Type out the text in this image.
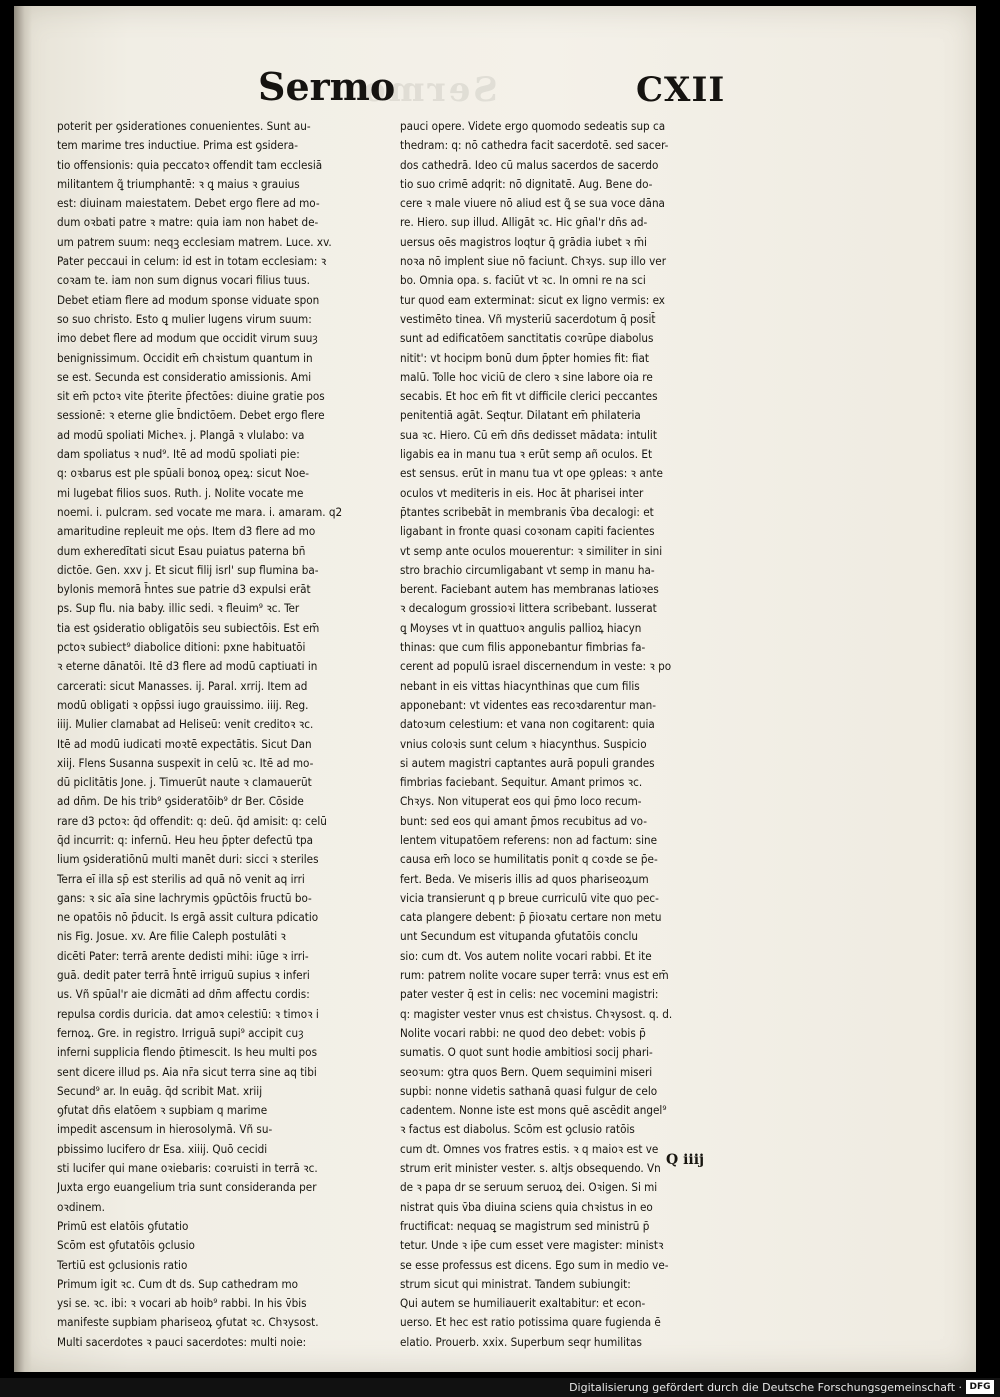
Sermo
Sermo	CXII
poterit per ꝯsiderationes conuenientes. Sunt au-
tem marime tres inductiue. Prima est ꝯsidera-
tio offensionis: quia peccatoꝛ offendit tam ecclesiā
militantem ꝗ̃ triumphantē: ꝛ ꝗ maius ꝛ grauius
est: diuinam maiestatem. Debet ergo flere ad mo-
dum oꝛbati patre ꝛ matre: quia iam non habet de-
um patrem suum: neqꝫ ecclesiam matrem. Luce. xv.
Pater peccaui in celum: id est in totam ecclesiam: ꝛ
coꝛam te. iam non sum dignus vocari filius tuus.
Debet etiam flere ad modum sponse viduate spon
so suo christo. Esto ꝗ mulier lugens virum suum:
imo debet flere ad modum que occidit virum suuȝ
benignissimum. Occidit em̄ chꝛistum quantum in
se est. Secunda est consideratio amissionis. Ami
sit em̄ pctoꝛ vite p̄terite p̄fectōes: diuine gratie pos
sessionē: ꝛ eterne glie b̄ndictōem. Debet ergo flere
ad modū spoliati Micheꝛ. j. Plangā ꝛ vlulabo: va
dam spoliatus ꝛ nud⁹. Itē ad modū spoliati pie:
q: oꝛbarus est ple spūali bonoꝝ opeꝝ: sicut Noe-
mi lugebat filios suos. Ruth. j. Nolite vocate me
noemi. i. pulcram. sed vocate me mara. i. amaram. q2
amaritudine repleuit me oṗs. Item d3 flere ad mo
dum exheredītati sicut Esau puiatus paterna bn̄
dictōe. Gen. xxv j. Et sicut filij isrl' sup flumina ba-
bylonis memorā h̄ntes sue patrie d3 expulsi erāt
ps. Sup flu. nia baby. illic sedi. ꝛ fleuim⁹ ꝛc. Ter
tia est ꝯsideratio obligatōis seu subiectōis. Est em̄
pctoꝛ subiect⁹ diabolice ditioni: pxne habituatōi
ꝛ eterne dānatōi. Itē d3 flere ad modū captiuati in
carcerati: sicut Manasses. ij. Paral. xrrij. Item ad
modū obligati ꝛ opp̄ssi iugo grauissimo. iiij. Reg.
iiij. Mulier clamabat ad Heliseū: venit creditoꝛ ꝛc.
Itē ad modū iudicati moꝛtē expectātis. Sicut Dan
xiij. Flens Susanna suspexit in celū ꝛc. Itē ad mo-
dū piclitātis Jone. j. Timuerūt naute ꝛ clamauerūt
ad dn̄m. De his trib⁹ ꝯsideratōib⁹ dr Ber. Cōside
rare d3 pctoꝛ: q̄d offendit: q: deū. q̄d amisit: q: celū
q̄d incurrit: q: infernū. Heu heu p̄pter defectū tpa
lium ꝯsideratiōnū multi manēt duri: sicci ꝛ steriles
Terra eī illa sp̄ est sterilis ad quā nō venit aq irri
gans: ꝛ sic aīa sine lachrymis ꝯpūctōis fructū bo-
ne opatōis nō p̄ducit. Is ergā assit cultura pdicatio
nis Fig. Josue. xv. Are filie Caleph postulāti ꝛ
dicēti Pater: terrā arente dedisti mihi: iūge ꝛ irri-
guā. dedit pater terrā h̄ntē irriguū supius ꝛ inferi
us. Vñ spūal'r aie dicmāti ad dn̄m affectu cordis:
repulsa cordis duricia. dat amoꝛ celestiū: ꝛ timoꝛ i
fernoꝝ. Gre. in registro. Irriguā supi⁹ accipit cuȝ
inferni supplicia flendo p̄timescit. Is heu multi pos
sent dicere illud ps. Aia nr̄a sicut terra sine aq tibi
Secund⁹ ar. In euāg. q̄d scribit Mat. xriij
ꝯfutat dn̄s elatōem ꝛ supbiam q marime
impedit ascensum in hierosolymā. Vñ su-
pbissimo lucifero dr Esa. xiiij. Quō cecidi
sti lucifer qui mane oꝛiebaris: coꝛruisti in terrā ꝛc.
Juxta ergo euangelium tria sunt consideranda per
oꝛdinem.
Primū est elatōis ꝯfutatio
Scōm est ꝯfutatōis ꝯclusio
Tertiū est ꝯclusionis ratio
Primum igit ꝛc. Cum dt ds. Sup cathedram mo
ysi se. ꝛc. ibi: ꝛ vocari ab hoib⁹ rabbi. In his v̄bis
manifeste supbiam phariseoꝝ ꝯfutat ꝛc. Chꝛysost.
Multi sacerdotes ꝛ pauci sacerdotes: multi noie:
pauci opere. Videte ergo quomodo sedeatis sup ca
thedram: q: nō cathedra facit sacerdotē. sed sacer-
dos cathedrā. Ideo cū malus sacerdos de sacerdo
tio suo crimē adqrit: nō dignitatē. Aug. Bene do-
cere ꝛ male viuere nō aliud est ꝗ̃ se sua voce dāna
re. Hiero. sup illud. Alligāt ꝛc. Hic gn̄al'r dn̄s ad-
uersus oēs magistros loqtur q̄ grādia iubet ꝛ m̄i
noꝛa nō implent siue nō faciunt. Chꝛys. sup illo ver
bo. Omnia opa. s. faciūt vt ꝛc. In omni re na sci
tur quod eam exterminat: sicut ex ligno vermis: ex
vestimēto tinea. Vñ mysteriū sacerdotum q̄ posit̄
sunt ad edificatōem sanctitatis coꝛrūpe diabolus
nitit': vt hocipm bonū dum p̄pter homies fit: fiat
malū. Tolle hoc viciū de clero ꝛ sine labore oia re
secabis. Et hoc em̄ fit vt difficile clerici peccantes
penitentiā agāt. Seqtur. Dilatant em̄ philateria
sua ꝛc. Hiero. Cū em̄ dn̄s dedisset mādata: intulit
ligabis ea in manu tua ꝛ erūt semp añ oculos. Et
est sensus. erūt in manu tua vt ope ꝯpleas: ꝛ ante
oculos vt mediteris in eis. Hoc āt pharisei inter
p̄tantes scribebāt in membranis v̄ba decalogi: et
ligabant in fronte quasi coꝛonam capiti facientes
vt semp ante oculos mouerentur: ꝛ similiter in sini
stro brachio circumligabant vt semp in manu ha-
berent. Faciebant autem has membranas latioꝛes
ꝛ decalogum grossioꝛi littera scribebant. Iusserat
ꝗ Moyses vt in quattuoꝛ angulis pallioꝝ hiacyn
thinas: que cum filis apponebantur fimbrias fa-
cerent ad populū israel discernendum in veste: ꝛ po
nebant in eis vittas hiacynthinas que cum filis
apponebant: vt videntes eas recoꝛdarentur man-
datoꝛum celestium: et vana non cogitarent: quia
vnius coloꝛis sunt celum ꝛ hiacynthus. Suspicio
si autem magistri captantes aurā populi grandes
fimbrias faciebant. Sequitur. Amant primos ꝛc.
Chꝛys. Non vituperat eos qui p̄mo loco recum-
bunt: sed eos qui amant p̄mos recubitus ad vo-
lentem vitupatōem referens: non ad factum: sine
causa em̄ loco se humilitatis ponit q coꝛde se p̄e-
fert. Beda. Ve miseris illis ad quos phariseoꝝum
vicia transierunt q p breue curriculū vite quo pec-
cata plangere debent: p̄ p̄ioꝛatu certare non metu
unt Secundum est vituꝑanda ꝯfutatōis conclu
sio: cum dt. Vos autem nolite vocari rabbi. Et ite
rum: patrem nolite vocare super terrā: vnus est em̄
pater vester q̄ est in celis: nec vocemini magistri:
q: magister vester vnus est chꝛistus. Chꝛysost. q. d.
Nolite vocari rabbi: ne quod deo debet: vobis p̄
sumatis. O quot sunt hodie ambitiosi socij phari-
seoꝛum: ꝯtra quos Bern. Quem sequimini miseri
supbi: nonne videtis sathanā quasi fulgur de celo
cadentem. Nonne iste est mons quē ascēdit angel⁹
ꝛ factus est diabolus. Scōm est ꝯclusio ratōis
cum dt. Omnes vos fratres estis. ꝛ q maioꝛ est ve
strum erit minister vester. s. altjs obsequendo. Vn
de ꝛ papa dr se seruum seruoꝝ dei. Oꝛigen. Si mi
nistrat quis v̄ba diuina sciens quia chꝛistus in eo
fructificat: nequaꝗ se magistrum sed ministrū p̄
tetur. Unde ꝛ ip̄e cum esset vere magister: ministꝛ
se esse professus est dicens. Ego sum in medio ve-
strum sicut qui ministrat. Tandem subiungit:
Qui autem se humiliauerit exaltabitur: et econ-
uerso. Et hec est ratio potissima quare fugienda ē
elatio. Prouerb. xxix. Superbum seqr humilitas
Q iiij
Digitalisierung gefördert durch die Deutsche Forschungsgemeinschaft · DFG
